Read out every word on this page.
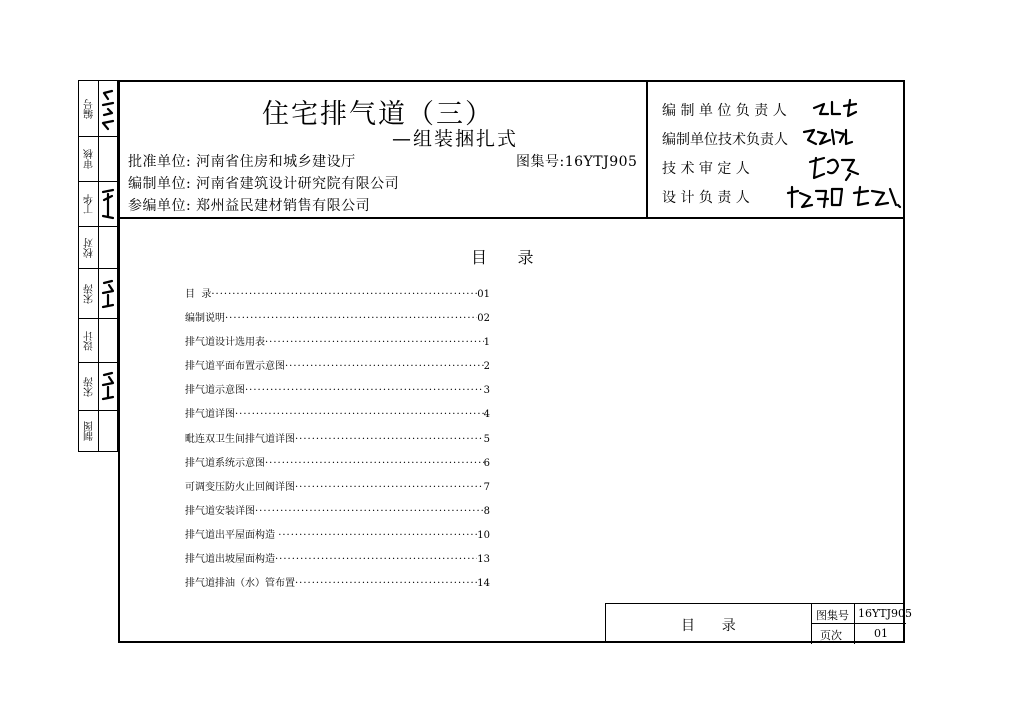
编号
审核
丁华
校对
宋涛
设计
宋涛
制图
住宅排气道（三）
—组装捆扎式
批准单位: 河南省住房和城乡建设厅	图集号:16YTJ905
编制单位: 河南省建筑设计研究院有限公司
参编单位: 郑州益民建材销售有限公司
编 制 单 位 负 责 人
编制单位技术负责人
技 术 审 定 人
设 计 负 责 人
目      录
目  录 ·····	01
编制说明 ·····	02
排气道设计选用表 ·····	1
排气道平面布置示意图 ·····	2
排气道示意图 ·····	3
排气道详图 ·····	4
毗连双卫生间排气道详图 ·····	5
排气道系统示意图 ·····	6
可调变压防火止回阀详图 ·····	7
排气道安装详图 ·····	8
排气道出平屋面构造 ·····	10
排气道出坡屋面构造 ·····	13
排气道排油（水）管布置 ·····	14
目      录
图集号 16YTJ905
页次	01
